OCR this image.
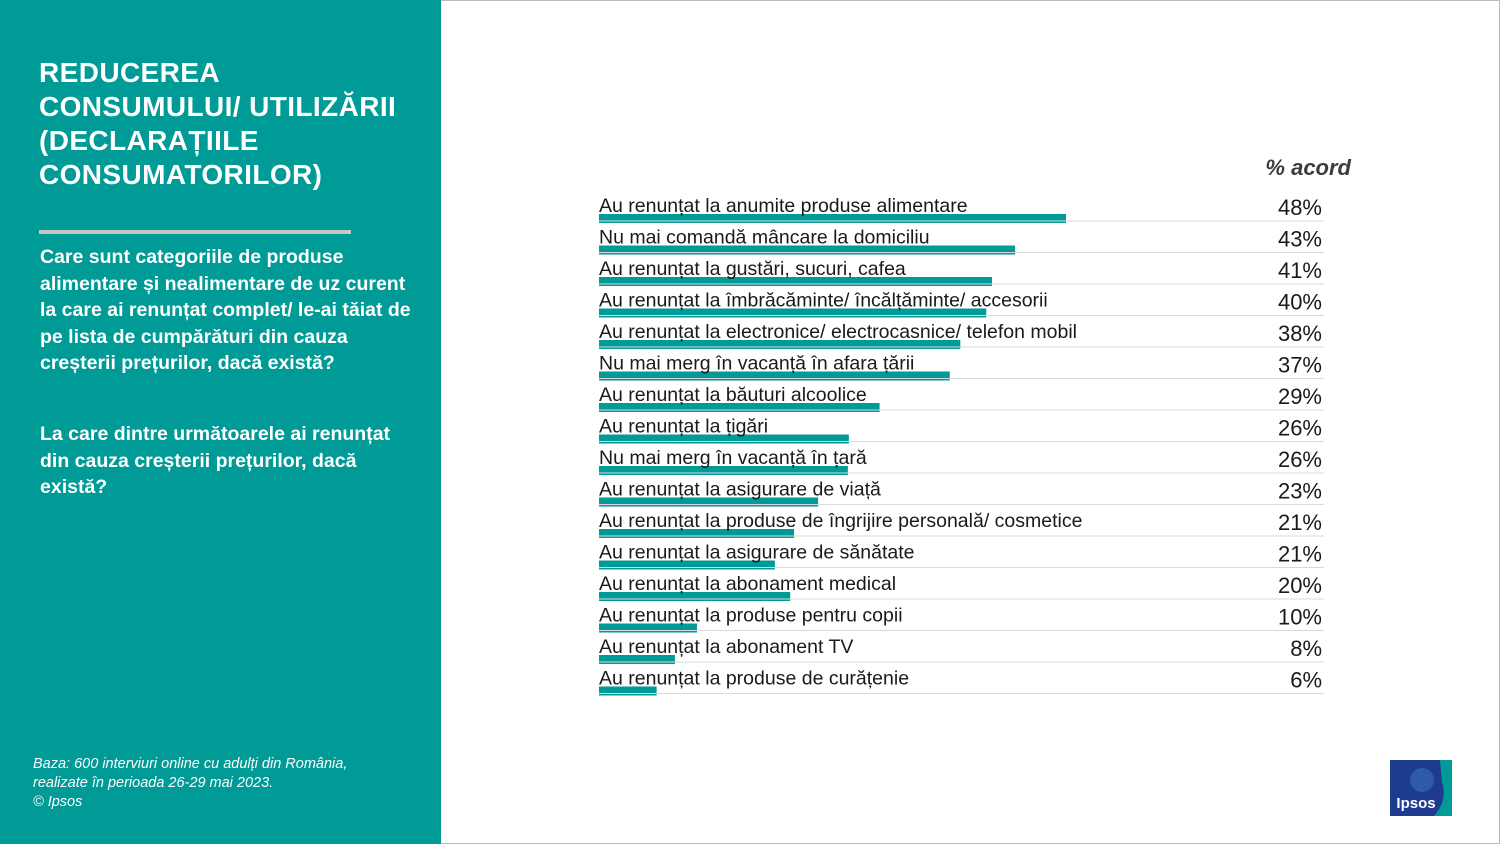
REDUCEREA CONSUMULUI/ UTILIZĂRII (DECLARAȚIILE CONSUMATORILOR)

Care sunt categoriile de produse alimentare și nealimentare de uz curent la care ai renunțat complet/ le-ai tăiat de pe lista de cumpărături din cauza creșterii prețurilor, dacă există?

La care dintre următoarele ai renunțat din cauza creșterii prețurilor, dacă există?

Baza: 600 interviuri online cu adulți din România,
realizate în perioada 26-29 mai 2023.
© Ipsos

% acord
Au renunțat la anumite produse alimentare	48%
Nu mai comandă mâncare la domiciliu	43%
Au renunțat la gustări, sucuri, cafea	41%
Au renunțat la îmbrăcăminte/ încălțăminte/ accesorii	40%
Au renunțat la electronice/ electrocasnice/ telefon mobil	38%
Nu mai merg în vacanță în afara țării	37%
Au renunțat la băuturi alcoolice	29%
Au renunțat la țigări	26%
Nu mai merg în vacanță în țară	26%
Au renunțat la asigurare de viață	23%
Au renunțat la produse de îngrijire personală/ cosmetice	21%
Au renunțat la asigurare de sănătate	21%
Au renunțat la abonament medical	20%
Au renunțat la produse pentru copii	10%
Au renunțat la abonament TV	8%
Au renunțat la produse de curățenie	6%
Ipsos
